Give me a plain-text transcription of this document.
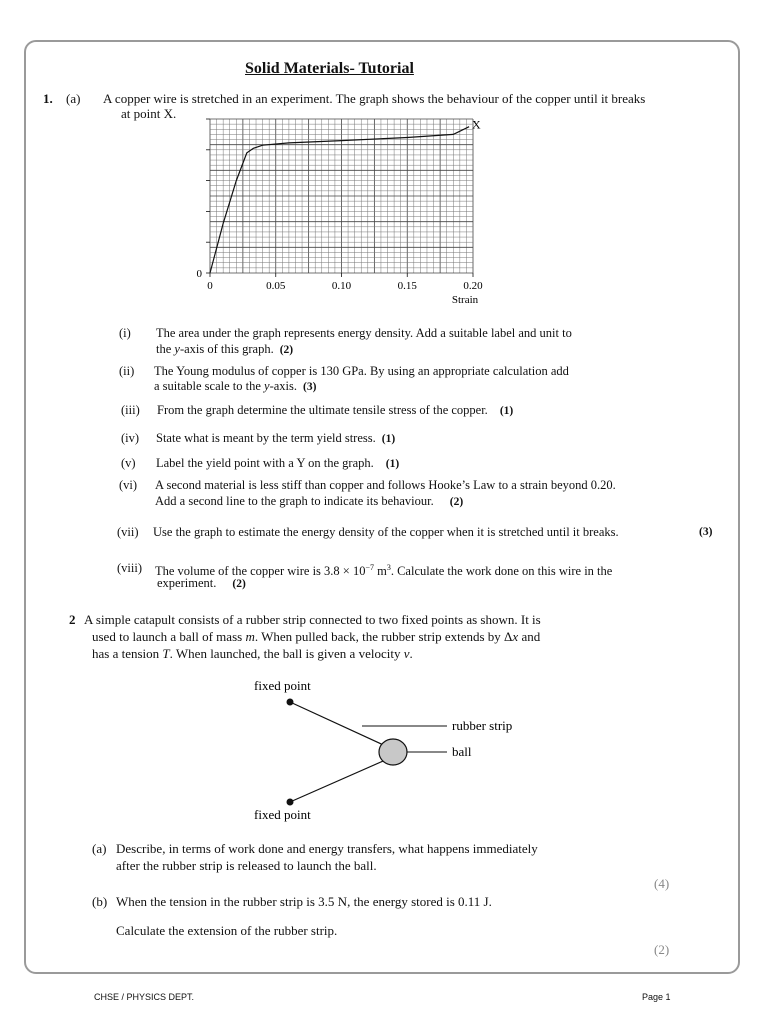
Solid Materials- Tutorial
1. (a) A copper wire is stretched in an experiment. The graph shows the behaviour of the copper until it breaks
at point X.
0	0.05	0.10	0.15	0.20
0
Strain
X
(i) The area under the graph represents energy density. Add a suitable label and unit to
the y-axis of this graph. (2)
(ii) The Young modulus of copper is 130 GPa. By using an appropriate calculation add
a suitable scale to the y-axis. (3)
(iii) From the graph determine the ultimate tensile stress of the copper. (1)
(iv) State what is meant by the term yield stress. (1)
(v) Label the yield point with a Y on the graph. (1)
(vi) A second material is less stiff than copper and follows Hooke’s Law to a strain beyond 0.20.
Add a second line to the graph to indicate its behaviour. (2)
(vii) Use the graph to estimate the energy density of the copper when it is stretched until it breaks.	(3)
(viii) The volume of the copper wire is $3.8 \times 10^{-7}$ $m^3$. Calculate the work done on this wire in the
experiment. (2)
2 A simple catapult consists of a rubber strip connected to two fixed points as shown. It is
used to launch a ball of mass m. When pulled back, the rubber strip extends by Δx and
has a tension T. When launched, the ball is given a velocity v.
fixed point
rubber strip
ball
fixed point
(a) Describe, in terms of work done and energy transfers, what happens immediately
after the rubber strip is released to launch the ball.
(4)
(b) When the tension in the rubber strip is 3.5 N, the energy stored is 0.11 J.
Calculate the extension of the rubber strip.
(2)
CHSE / PHYSICS DEPT.	Page 1
